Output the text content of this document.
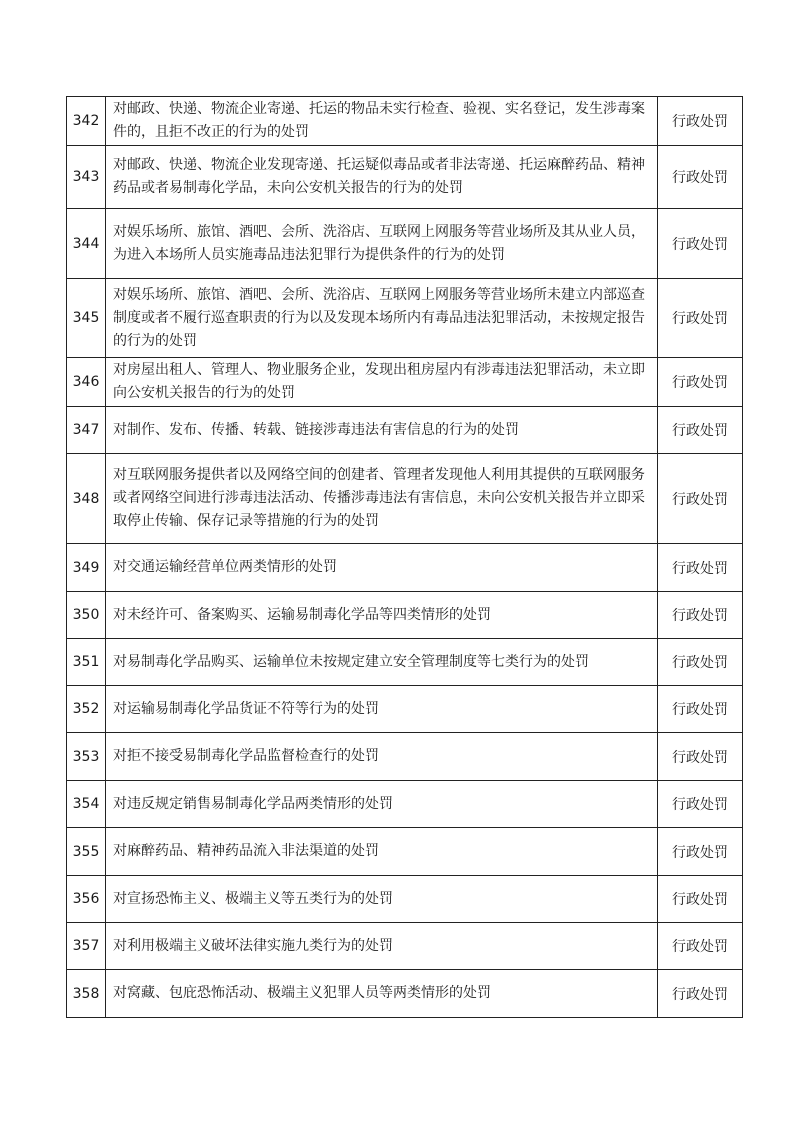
342	对邮政、快递、物流企业寄递、托运的物品未实行检查、验视、实名登记，发生涉毒案件的，且拒不改正的行为的处罚	行政处罚
343	对邮政、快递、物流企业发现寄递、托运疑似毒品或者非法寄递、托运麻醉药品、精神药品或者易制毒化学品，未向公安机关报告的行为的处罚	行政处罚
344	对娱乐场所、旅馆、酒吧、会所、洗浴店、互联网上网服务等营业场所及其从业人员，为进入本场所人员实施毒品违法犯罪行为提供条件的行为的处罚	行政处罚
345	对娱乐场所、旅馆、酒吧、会所、洗浴店、互联网上网服务等营业场所未建立内部巡查制度或者不履行巡查职责的行为以及发现本场所内有毒品违法犯罪活动，未按规定报告的行为的处罚	行政处罚
346	对房屋出租人、管理人、物业服务企业，发现出租房屋内有涉毒违法犯罪活动，未立即向公安机关报告的行为的处罚	行政处罚
347	对制作、发布、传播、转载、链接涉毒违法有害信息的行为的处罚	行政处罚
348	对互联网服务提供者以及网络空间的创建者、管理者发现他人利用其提供的互联网服务或者网络空间进行涉毒违法活动、传播涉毒违法有害信息，未向公安机关报告并立即采取停止传输、保存记录等措施的行为的处罚	行政处罚
349	对交通运输经营单位两类情形的处罚	行政处罚
350	对未经许可、备案购买、运输易制毒化学品等四类情形的处罚	行政处罚
351	对易制毒化学品购买、运输单位未按规定建立安全管理制度等七类行为的处罚	行政处罚
352	对运输易制毒化学品货证不符等行为的处罚	行政处罚
353	对拒不接受易制毒化学品监督检查行的处罚	行政处罚
354	对违反规定销售易制毒化学品两类情形的处罚	行政处罚
355	对麻醉药品、精神药品流入非法渠道的处罚	行政处罚
356	对宣扬恐怖主义、极端主义等五类行为的处罚	行政处罚
357	对利用极端主义破坏法律实施九类行为的处罚	行政处罚
358	对窝藏、包庇恐怖活动、极端主义犯罪人员等两类情形的处罚	行政处罚
